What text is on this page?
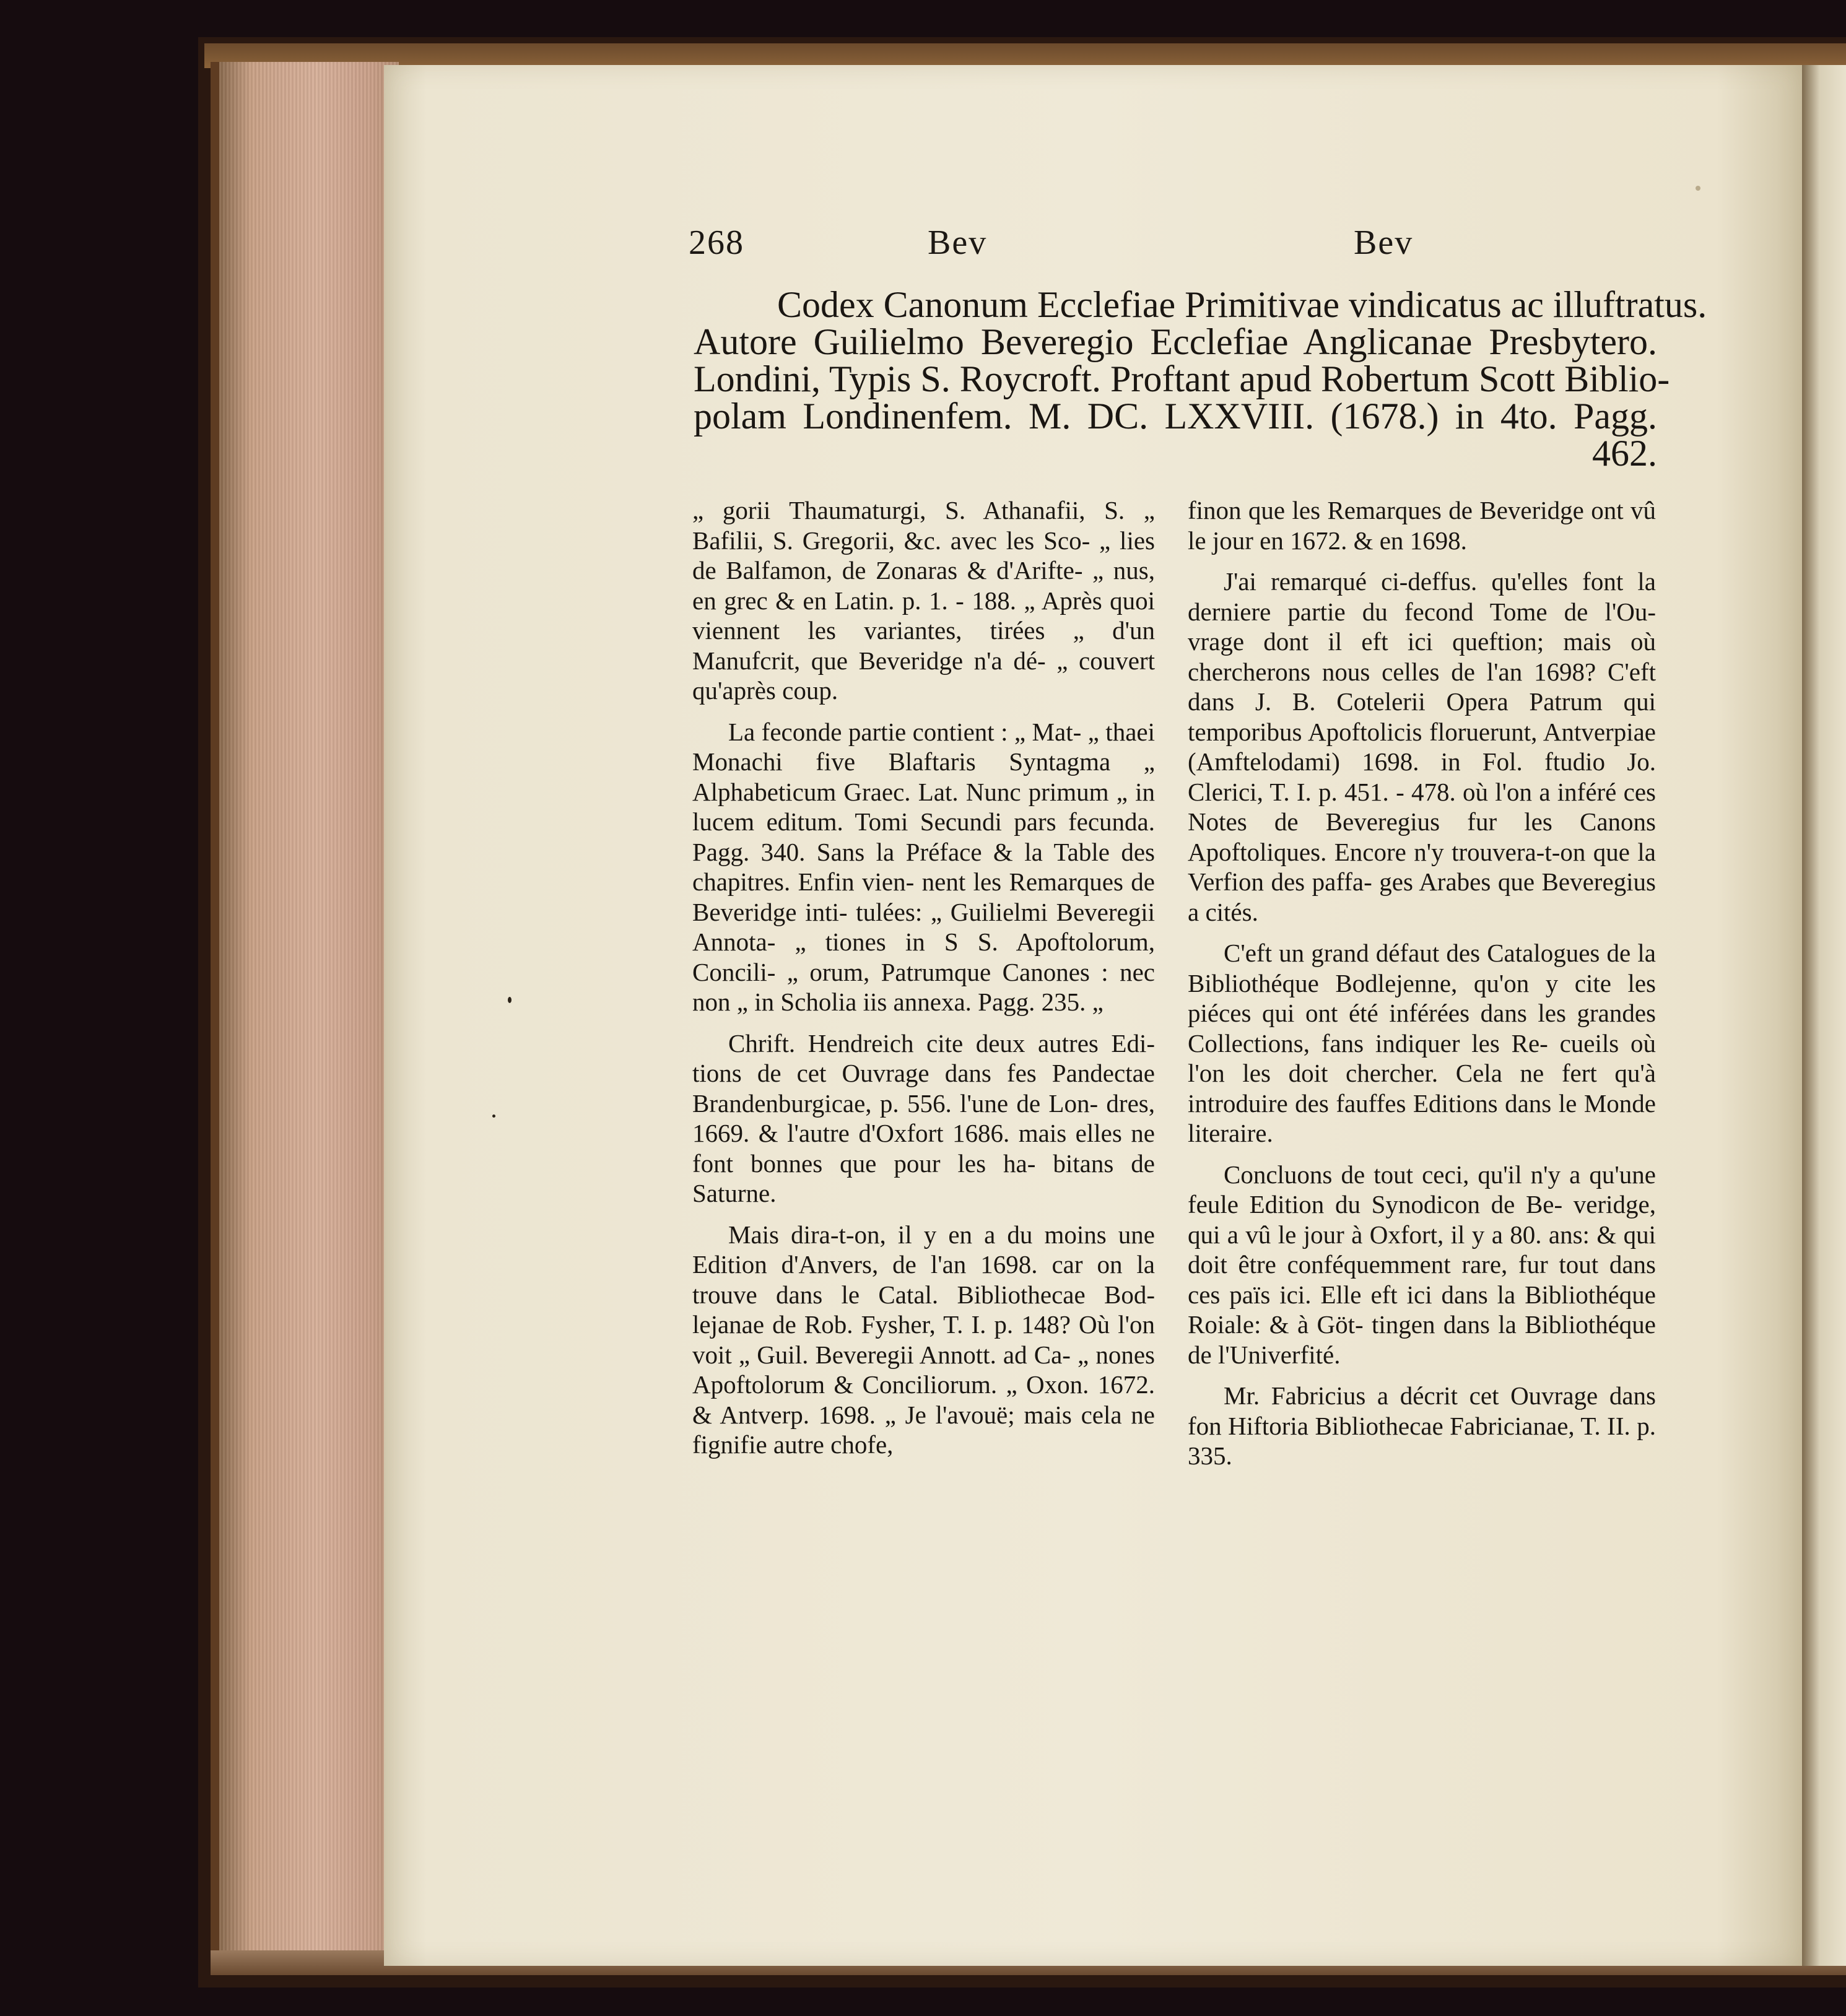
268	Bev	Bev
Codex Canonum Ecclefiae Primitivae vindicatus ac illuftratus.
Autore Guilielmo Beveregio Ecclefiae Anglicanae Presbytero.
Londini, Typis S. Roycroft. Proftant apud Robertum Scott Biblio-
polam Londinenfem. M. DC. LXXVIII. (1678.) in 4to. Pagg.
462.

„ gorii Thaumaturgi, S. Athanafii, S. „ Bafilii, S. Gregorii, &c. avec les Sco- „ lies de Balfamon, de Zonaras & d'Arifte- „ nus, en grec & en Latin. p. 1. - 188. „ Après quoi viennent les variantes, tirées „ d'un Manufcrit, que Beveridge n'a dé- „ couvert qu'après coup.

La feconde partie contient : „ Mat- „ thaei Monachi five Blaftaris Syntagma „ Alphabeticum Graec. Lat. Nunc primum „ in lucem editum. Tomi Secundi pars fecunda. Pagg. 340. Sans la Préface & la Table des chapitres. Enfin vien- nent les Remarques de Beveridge inti- tulées: „ Guilielmi Beveregii Annota- „ tiones in S S. Apoftolorum, Concili- „ orum, Patrumque Canones : nec non „ in Scholia iis annexa. Pagg. 235. „

Chrift. Hendreich cite deux autres Edi- tions de cet Ouvrage dans fes Pandectae Brandenburgicae, p. 556. l'une de Lon- dres, 1669. & l'autre d'Oxfort 1686. mais elles ne font bonnes que pour les ha- bitans de Saturne.

Mais dira-t-on, il y en a du moins une Edition d'Anvers, de l'an 1698. car on la trouve dans le Catal. Bibliothecae Bod- lejanae de Rob. Fysher, T. I. p. 148? Où l'on voit „ Guil. Beveregii Annott. ad Ca- „ nones Apoftolorum & Conciliorum. „ Oxon. 1672. & Antverp. 1698. „ Je l'avouë; mais cela ne fignifie autre chofe,

finon que les Remarques de Beveridge ont vû le jour en 1672. & en 1698.

J'ai remarqué ci-deffus. qu'elles font la derniere partie du fecond Tome de l'Ou- vrage dont il eft ici queftion; mais où chercherons nous celles de l'an 1698? C'eft dans J. B. Cotelerii Opera Patrum qui temporibus Apoftolicis floruerunt, Antverpiae (Amftelodami) 1698. in Fol. ftudio Jo. Clerici, T. I. p. 451. - 478. où l'on a inféré ces Notes de Beveregius fur les Canons Apoftoliques. Encore n'y trouvera-t-on que la Verfion des paffa- ges Arabes que Beveregius a cités.

C'eft un grand défaut des Catalogues de la Bibliothéque Bodlejenne, qu'on y cite les piéces qui ont été inférées dans les grandes Collections, fans indiquer les Re- cueils où l'on les doit chercher. Cela ne fert qu'à introduire des fauffes Editions dans le Monde literaire.

Concluons de tout ceci, qu'il n'y a qu'une feule Edition du Synodicon de Be- veridge, qui a vû le jour à Oxfort, il y a 80. ans: & qui doit être conféquemment rare, fur tout dans ces païs ici. Elle eft ici dans la Bibliothéque Roiale: & à Göt- tingen dans la Bibliothéque de l'Univerfité.

Mr. Fabricius a décrit cet Ouvrage dans fon Hiftoria Bibliothecae Fabricianae, T. II. p. 335.
